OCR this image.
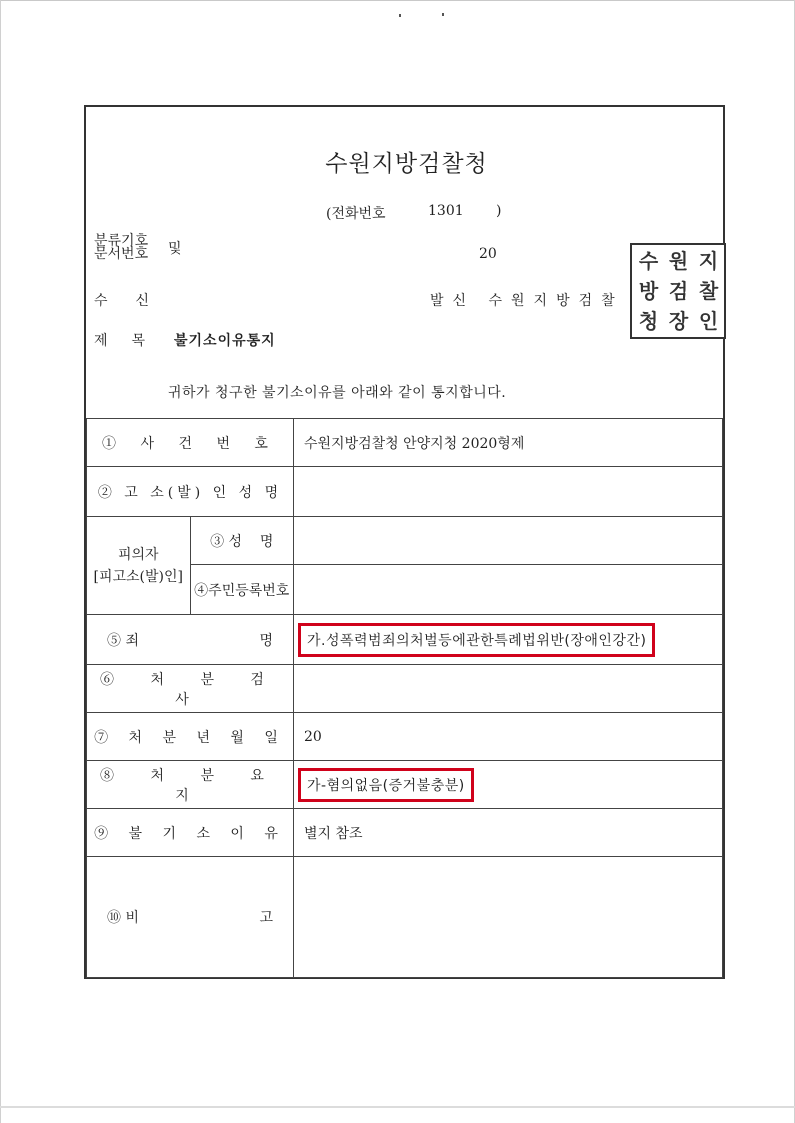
수원지방검찰청
(전화번호	1301 )
분류기호
문서번호 및	20
수신	발신 수원지방검찰
제목 불기소이유통지
수 원 지
방 검 찰
청 장 인
귀하가 청구한 불기소이유를 아래와 같이 통지합니다.
① 사 건 번 호		수원지방검찰청 안양지청 2020형제
② 고 소(발) 인 성 명		

피의자
[피고소(발)인]	③ 성    명	
	④주민등록번호	
⑤ 죄 명		가.성폭력범죄의처벌등에관한특례법위반(장애인강간)
⑥ 처 분 검 사		
⑦ 처 분 년 월 일		20
⑧ 처 분 요 지		가-혐의없음(증거불충분)
⑨ 불 기 소 이 유		별지 참조
⑩ 비 고		
